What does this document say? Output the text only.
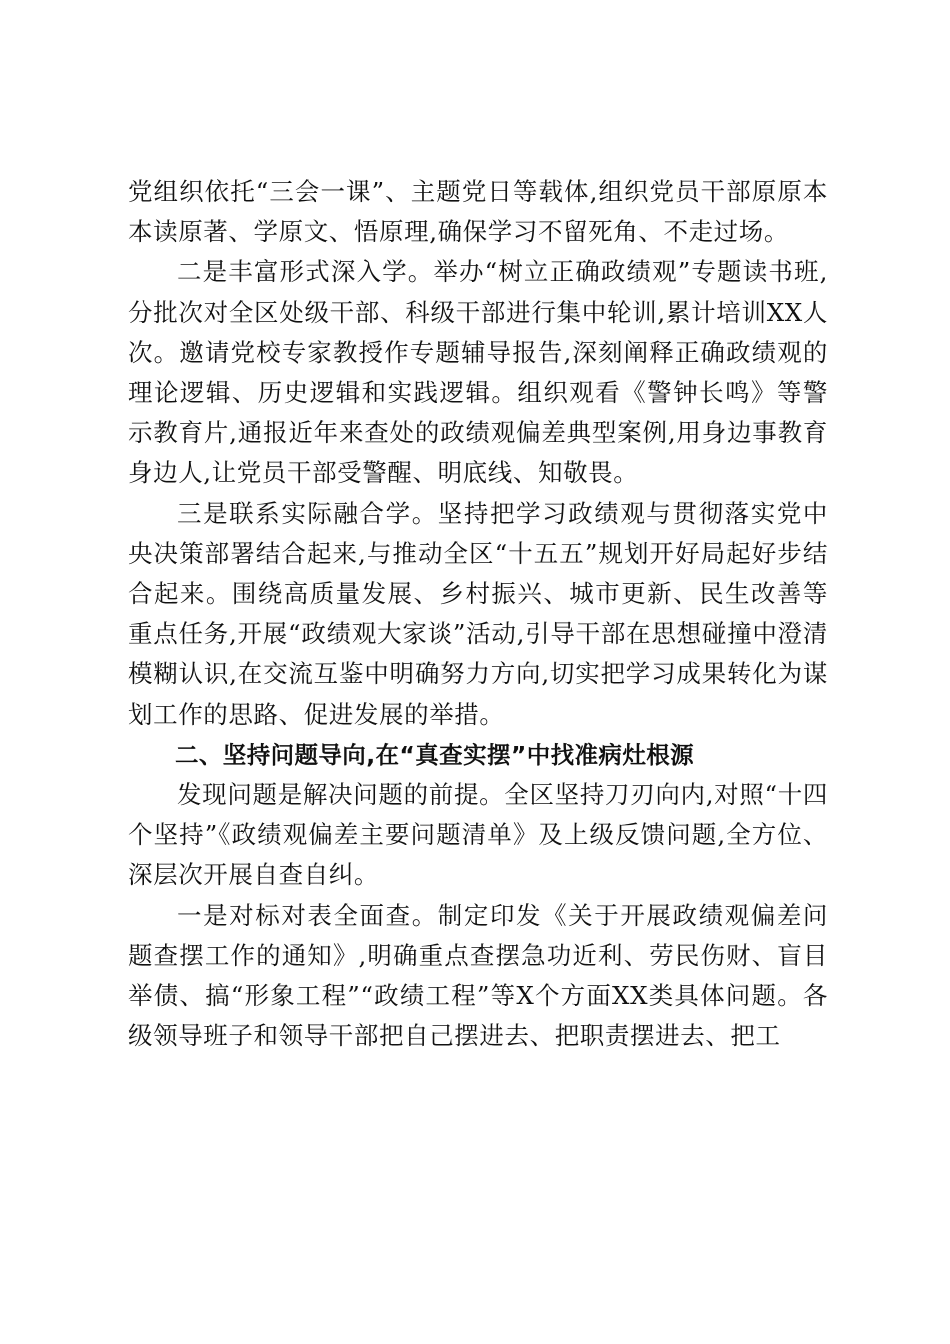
党组织依托“三会一课”、主题党日等载体,组织党员干部原原本本读原著、学原文、悟原理,确保学习不留死角、不走过场。

二是丰富形式深入学。举办“树立正确政绩观”专题读书班,分批次对全区处级干部、科级干部进行集中轮训,累计培训XX人次。邀请党校专家教授作专题辅导报告,深刻阐释正确政绩观的理论逻辑、历史逻辑和实践逻辑。组织观看《警钟长鸣》等警示教育片,通报近年来查处的政绩观偏差典型案例,用身边事教育身边人,让党员干部受警醒、明底线、知敬畏。

三是联系实际融合学。坚持把学习政绩观与贯彻落实党中央决策部署结合起来,与推动全区“十五五”规划开好局起好步结合起来。围绕高质量发展、乡村振兴、城市更新、民生改善等重点任务,开展“政绩观大家谈”活动,引导干部在思想碰撞中澄清模糊认识,在交流互鉴中明确努力方向,切实把学习成果转化为谋划工作的思路、促进发展的举措。

二、坚持问题导向,在“真查实摆”中找准病灶根源

发现问题是解决问题的前提。全区坚持刀刃向内,对照“十四个坚持”《政绩观偏差主要问题清单》及上级反馈问题,全方位、深层次开展自查自纠。

一是对标对表全面查。制定印发《关于开展政绩观偏差问题查摆工作的通知》,明确重点查摆急功近利、劳民伤财、盲目举债、搞“形象工程”“政绩工程”等X个方面XX类具体问题。各级领导班子和领导干部把自己摆进去、把职责摆进去、把工
